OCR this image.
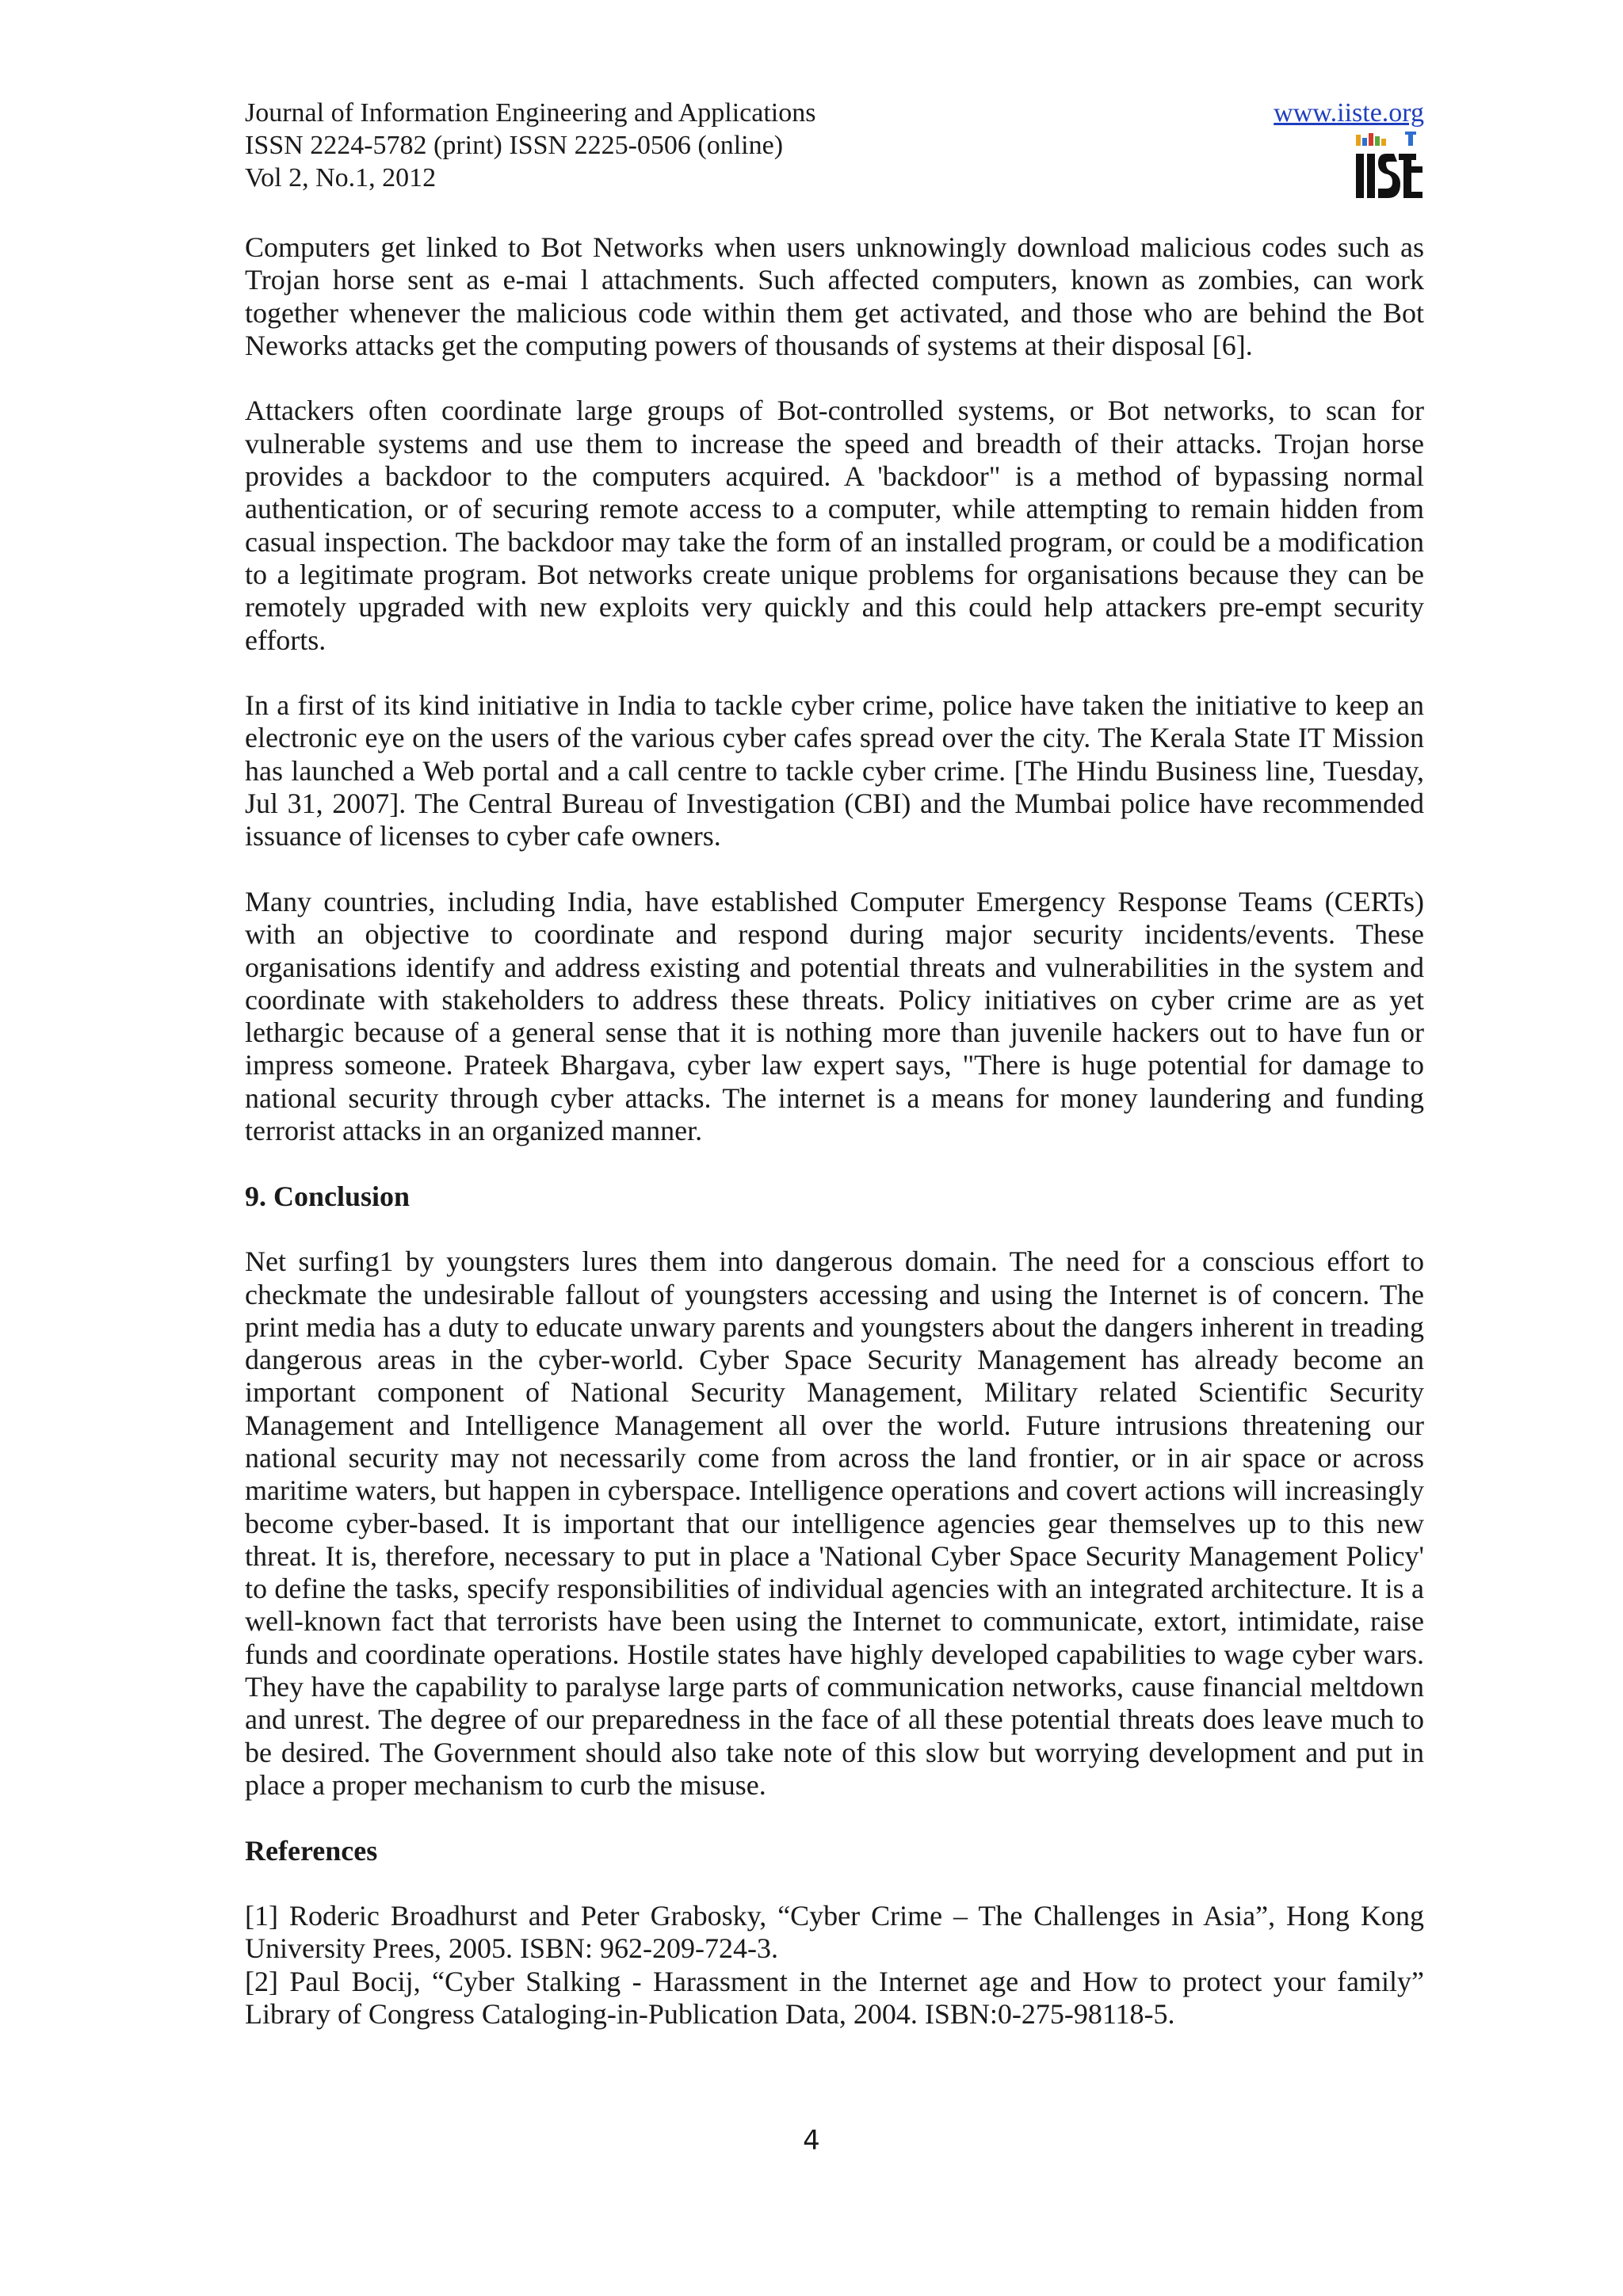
Journal of Information Engineering and Applications
ISSN 2224-5782 (print) ISSN 2225-0506 (online)
Vol 2, No.1, 2012
www.iiste.org

Computers get linked to Bot Networks when users unknowingly download malicious codes such as Trojan horse sent as e-mai l attachments. Such affected computers, known as zombies, can work together whenever the malicious code within them get activated, and those who are behind the Bot Neworks attacks get the computing powers of thousands of systems at their disposal [6].

Attackers often coordinate large groups of Bot-controlled systems, or Bot networks, to scan for vulnerable systems and use them to increase the speed and breadth of their attacks. Trojan horse provides a backdoor to the computers acquired. A 'backdoor" is a method of bypassing normal authentication, or of securing remote access to a computer, while attempting to remain hidden from casual inspection. The backdoor may take the form of an installed program, or could be a modification to a legitimate program. Bot networks create unique problems for organisations because they can be remotely upgraded with new exploits very quickly and this could help attackers pre-empt security efforts.

In a first of its kind initiative in India to tackle cyber crime, police have taken the initiative to keep an electronic eye on the users of the various cyber cafes spread over the city. The Kerala State IT Mission has launched a Web portal and a call centre to tackle cyber crime. [The Hindu Business line, Tuesday, Jul 31, 2007]. The Central Bureau of Investigation (CBI) and the Mumbai police have recommended issuance of licenses to cyber cafe owners.

Many countries, including India, have established Computer Emergency Response Teams (CERTs) with an objective to coordinate and respond during major security incidents/events. These organisations identify and address existing and potential threats and vulnerabilities in the system and coordinate with stakeholders to address these threats. Policy initiatives on cyber crime are as yet lethargic because of a general sense that it is nothing more than juvenile hackers out to have fun or impress someone. Prateek Bhargava, cyber law expert says, "There is huge potential for damage to national security through cyber attacks. The internet is a means for money laundering and funding terrorist attacks in an organized manner.

9. Conclusion

Net surfing1 by youngsters lures them into dangerous domain. The need for a conscious effort to checkmate the undesirable fallout of youngsters accessing and using the Internet is of concern. The print media has a duty to educate unwary parents and youngsters about the dangers inherent in treading dangerous areas in the cyber-world. Cyber Space Security Management has already become an important component of National Security Management, Military related Scientific Security Management and Intelligence Management all over the world. Future intrusions threatening our national security may not necessarily come from across the land frontier, or in air space or across maritime waters, but happen in cyberspace. Intelligence operations and covert actions will increasingly become cyber-based. It is important that our intelligence agencies gear themselves up to this new threat. It is, therefore, necessary to put in place a 'National Cyber Space Security Management Policy' to define the tasks, specify responsibilities of individual agencies with an integrated architecture. It is a well-known fact that terrorists have been using the Internet to communicate, extort, intimidate, raise funds and coordinate operations. Hostile states have highly developed capabilities to wage cyber wars. They have the capability to paralyse large parts of communication networks, cause financial meltdown and unrest. The degree of our preparedness in the face of all these potential threats does leave much to be desired. The Government should also take note of this slow but worrying development and put in place a proper mechanism to curb the misuse.

References

[1] Roderic Broadhurst and Peter Grabosky, “Cyber Crime – The Challenges in Asia”, Hong Kong University Prees, 2005. ISBN: 962-209-724-3.

[2] Paul Bocij, “Cyber Stalking - Harassment in the Internet age and How to protect your family” Library of Congress Cataloging-in-Publication Data, 2004. ISBN:0-275-98118-5.

4
